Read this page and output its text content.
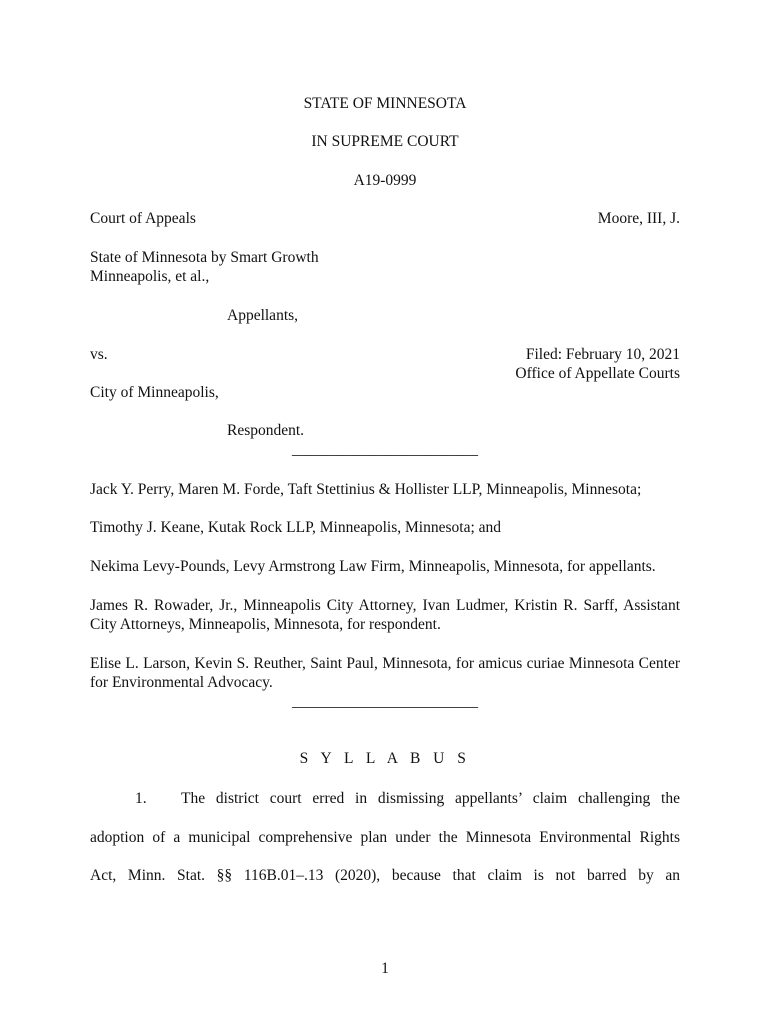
STATE OF MINNESOTA
IN SUPREME COURT
A19-0999
Court of Appeals	Moore, III, J.
State of Minnesota by Smart Growth
Minneapolis, et al.,
Appellants,
vs.	Filed: February 10, 2021
Office of Appellate Courts
City of Minneapolis,
Respondent.
________________________
Jack Y. Perry, Maren M. Forde, Taft Stettinius & Hollister LLP, Minneapolis, Minnesota;
Timothy J. Keane, Kutak Rock LLP, Minneapolis, Minnesota; and
Nekima Levy-Pounds, Levy Armstrong Law Firm, Minneapolis, Minnesota, for appellants.
James R. Rowader, Jr., Minneapolis City Attorney, Ivan Ludmer, Kristin R. Sarff, Assistant City Attorneys, Minneapolis, Minnesota, for respondent.
Elise L. Larson, Kevin S. Reuther, Saint Paul, Minnesota, for amicus curiae Minnesota Center for Environmental Advocacy.
________________________
S Y L L A B U S
1. The district court erred in dismissing appellants’ claim challenging the
adoption of a municipal comprehensive plan under the Minnesota Environmental Rights
Act, Minn. Stat. §§ 116B.01–.13 (2020), because that claim is not barred by an
1
